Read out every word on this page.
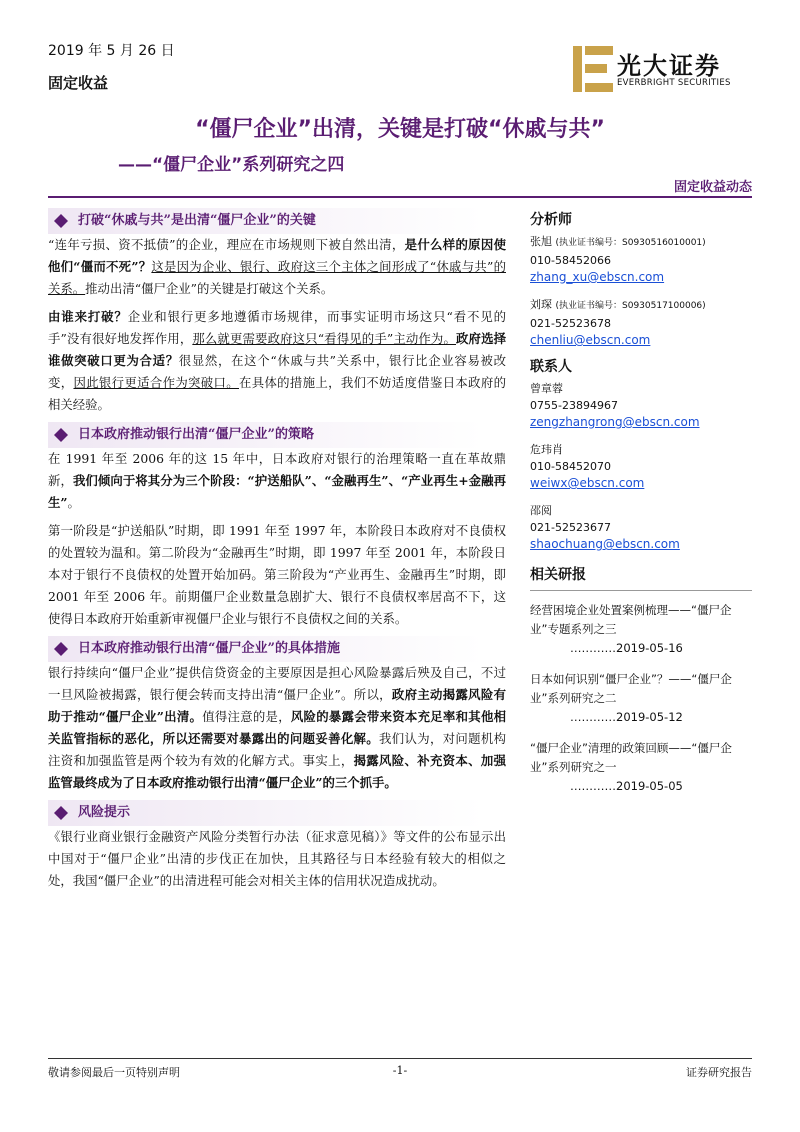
2019 年 5 月 26 日
固定收益
光大证券
EVERBRIGHT SECURITIES
“僵尸企业”出清，关键是打破“休戚与共”
——“僵尸企业”系列研究之四
固定收益动态
打破“休戚与共”是出清“僵尸企业”的关键

“连年亏损、资不抵债”的企业，理应在市场规则下被自然出清，是什么样的原因使他们“僵而不死”？这是因为企业、银行、政府这三个主体之间形成了“休戚与共”的关系。推动出清“僵尸企业”的关键是打破这个关系。

由谁来打破？企业和银行更多地遵循市场规律，而事实证明市场这只“看不见的手”没有很好地发挥作用，那么就更需要政府这只“看得见的手”主动作为。政府选择谁做突破口更为合适？很显然，在这个“休戚与共”关系中，银行比企业容易被改变，因此银行更适合作为突破口。在具体的措施上，我们不妨适度借鉴日本政府的相关经验。

日本政府推动银行出清“僵尸企业”的策略

在 1991 年至 2006 年的这 15 年中，日本政府对银行的治理策略一直在革故鼎新，我们倾向于将其分为三个阶段：“护送船队”、“金融再生”、“产业再生+金融再生”。

第一阶段是“护送船队”时期，即 1991 年至 1997 年，本阶段日本政府对不良债权的处置较为温和。第二阶段为“金融再生”时期，即 1997 年至 2001 年，本阶段日本对于银行不良债权的处置开始加码。第三阶段为“产业再生、金融再生”时期，即 2001 年至 2006 年。前期僵尸企业数量急剧扩大、银行不良债权率居高不下，这使得日本政府开始重新审视僵尸企业与银行不良债权之间的关系。

日本政府推动银行出清“僵尸企业”的具体措施

银行持续向“僵尸企业”提供信贷资金的主要原因是担心风险暴露后殃及自己，不过一旦风险被揭露，银行便会转而支持出清“僵尸企业”。所以，政府主动揭露风险有助于推动“僵尸企业”出清。值得注意的是，风险的暴露会带来资本充足率和其他相关监管指标的恶化，所以还需要对暴露出的问题妥善化解。我们认为，对问题机构注资和加强监管是两个较为有效的化解方式。事实上，揭露风险、补充资本、加强监管最终成为了日本政府推动银行出清“僵尸企业”的三个抓手。

风险提示

《银行业商业银行金融资产风险分类暂行办法（征求意见稿）》等文件的公布显示出中国对于“僵尸企业”出清的步伐正在加快，且其路径与日本经验有较大的相似之处，我国“僵尸企业”的出清进程可能会对相关主体的信用状况造成扰动。

分析师
张旭 (执业证书编号：S0930516010001)
010-58452066
zhang_xu@ebscn.com
刘琛 (执业证书编号：S0930517100006)
021-52523678
chenliu@ebscn.com
联系人
曾章蓉
0755-23894967
zengzhangrong@ebscn.com
危玮肖
010-58452070
weiwx@ebscn.com
邵阅
021-52523677
shaochuang@ebscn.com
相关研报
经营困境企业处置案例梳理——“僵尸企业”专题系列之三
…………2019-05-16
日本如何识别“僵尸企业”？——“僵尸企业”系列研究之二
…………2019-05-12
“僵尸企业”清理的政策回顾——“僵尸企业”系列研究之一
…………2019-05-05
敬请参阅最后一页特别声明	-1-	证券研究报告
